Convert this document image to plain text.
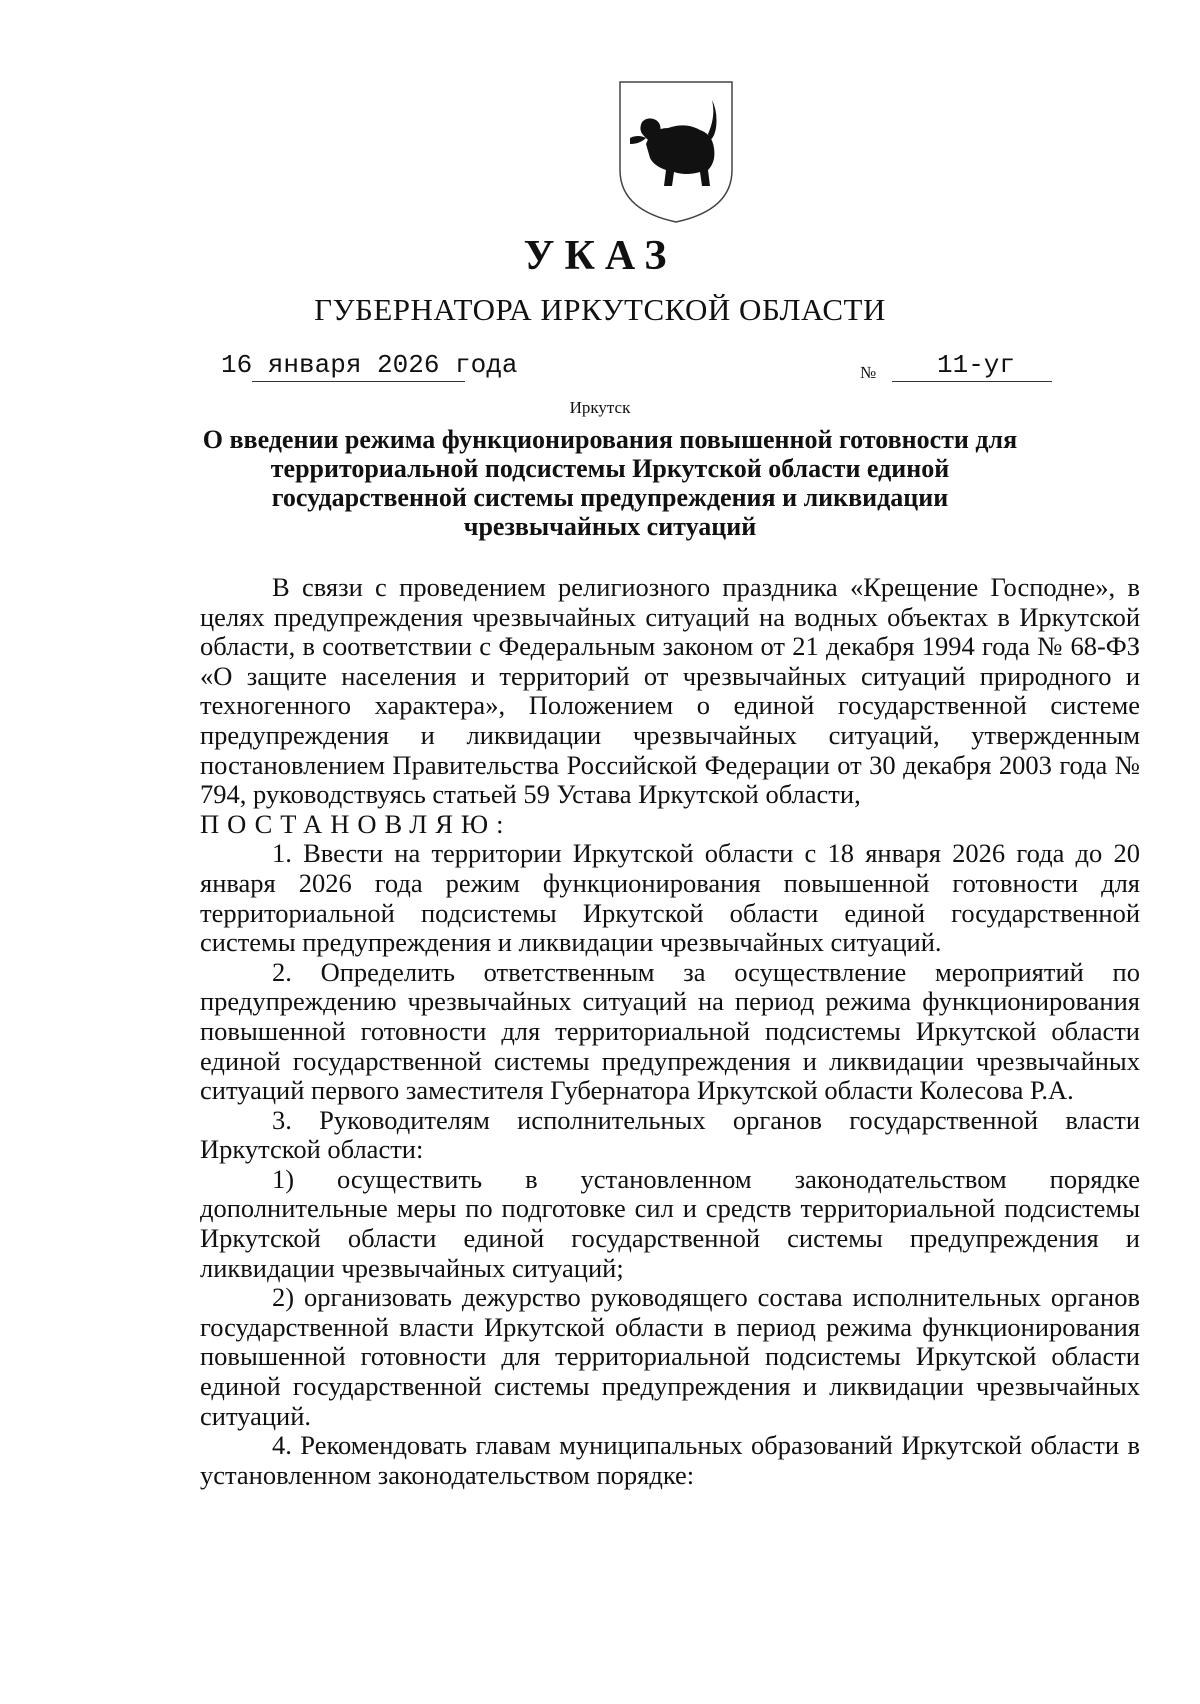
УКАЗ
ГУБЕРНАТОРА ИРКУТСКОЙ ОБЛАСТИ
16 января 2026 года	№ 11-уг
Иркутск
О введении режима функционирования повышенной готовности для
территориальной подсистемы Иркутской области единой
государственной системы предупреждения и ликвидации
чрезвычайных ситуаций

В связи с проведением религиозного праздника «Крещение Господне», в целях предупреждения чрезвычайных ситуаций на водных объектах в Иркутской области, в соответствии с Федеральным законом от 21 декабря 1994 года № 68-ФЗ «О защите населения и территорий от чрезвычайных ситуаций природного и техногенного характера», Положением о единой государственной системе предупреждения и ликвидации чрезвычайных ситуаций, утвержденным постановлением Правительства Российской Федерации от 30 декабря 2003 года № 794, руководствуясь статьей 59 Устава Иркутской области,

ПОСТАНОВЛЯЮ:

1. Ввести на территории Иркутской области с 18 января 2026 года до 20 января 2026 года режим функционирования повышенной готовности для территориальной подсистемы Иркутской области единой государственной системы предупреждения и ликвидации чрезвычайных ситуаций.

2. Определить ответственным за осуществление мероприятий по предупреждению чрезвычайных ситуаций на период режима функционирования повышенной готовности для территориальной подсистемы Иркутской области единой государственной системы предупреждения и ликвидации чрезвычайных ситуаций первого заместителя Губернатора Иркутской области Колесова Р.А.

3. Руководителям исполнительных органов государственной власти Иркутской области:

1) осуществить в установленном законодательством порядке дополнительные меры по подготовке сил и средств территориальной подсистемы Иркутской области единой государственной системы предупреждения и ликвидации чрезвычайных ситуаций;

2) организовать дежурство руководящего состава исполнительных органов государственной власти Иркутской области в период режима функционирования повышенной готовности для территориальной подсистемы Иркутской области единой государственной системы предупреждения и ликвидации чрезвычайных ситуаций.

4. Рекомендовать главам муниципальных образований Иркутской области в установленном законодательством порядке:
